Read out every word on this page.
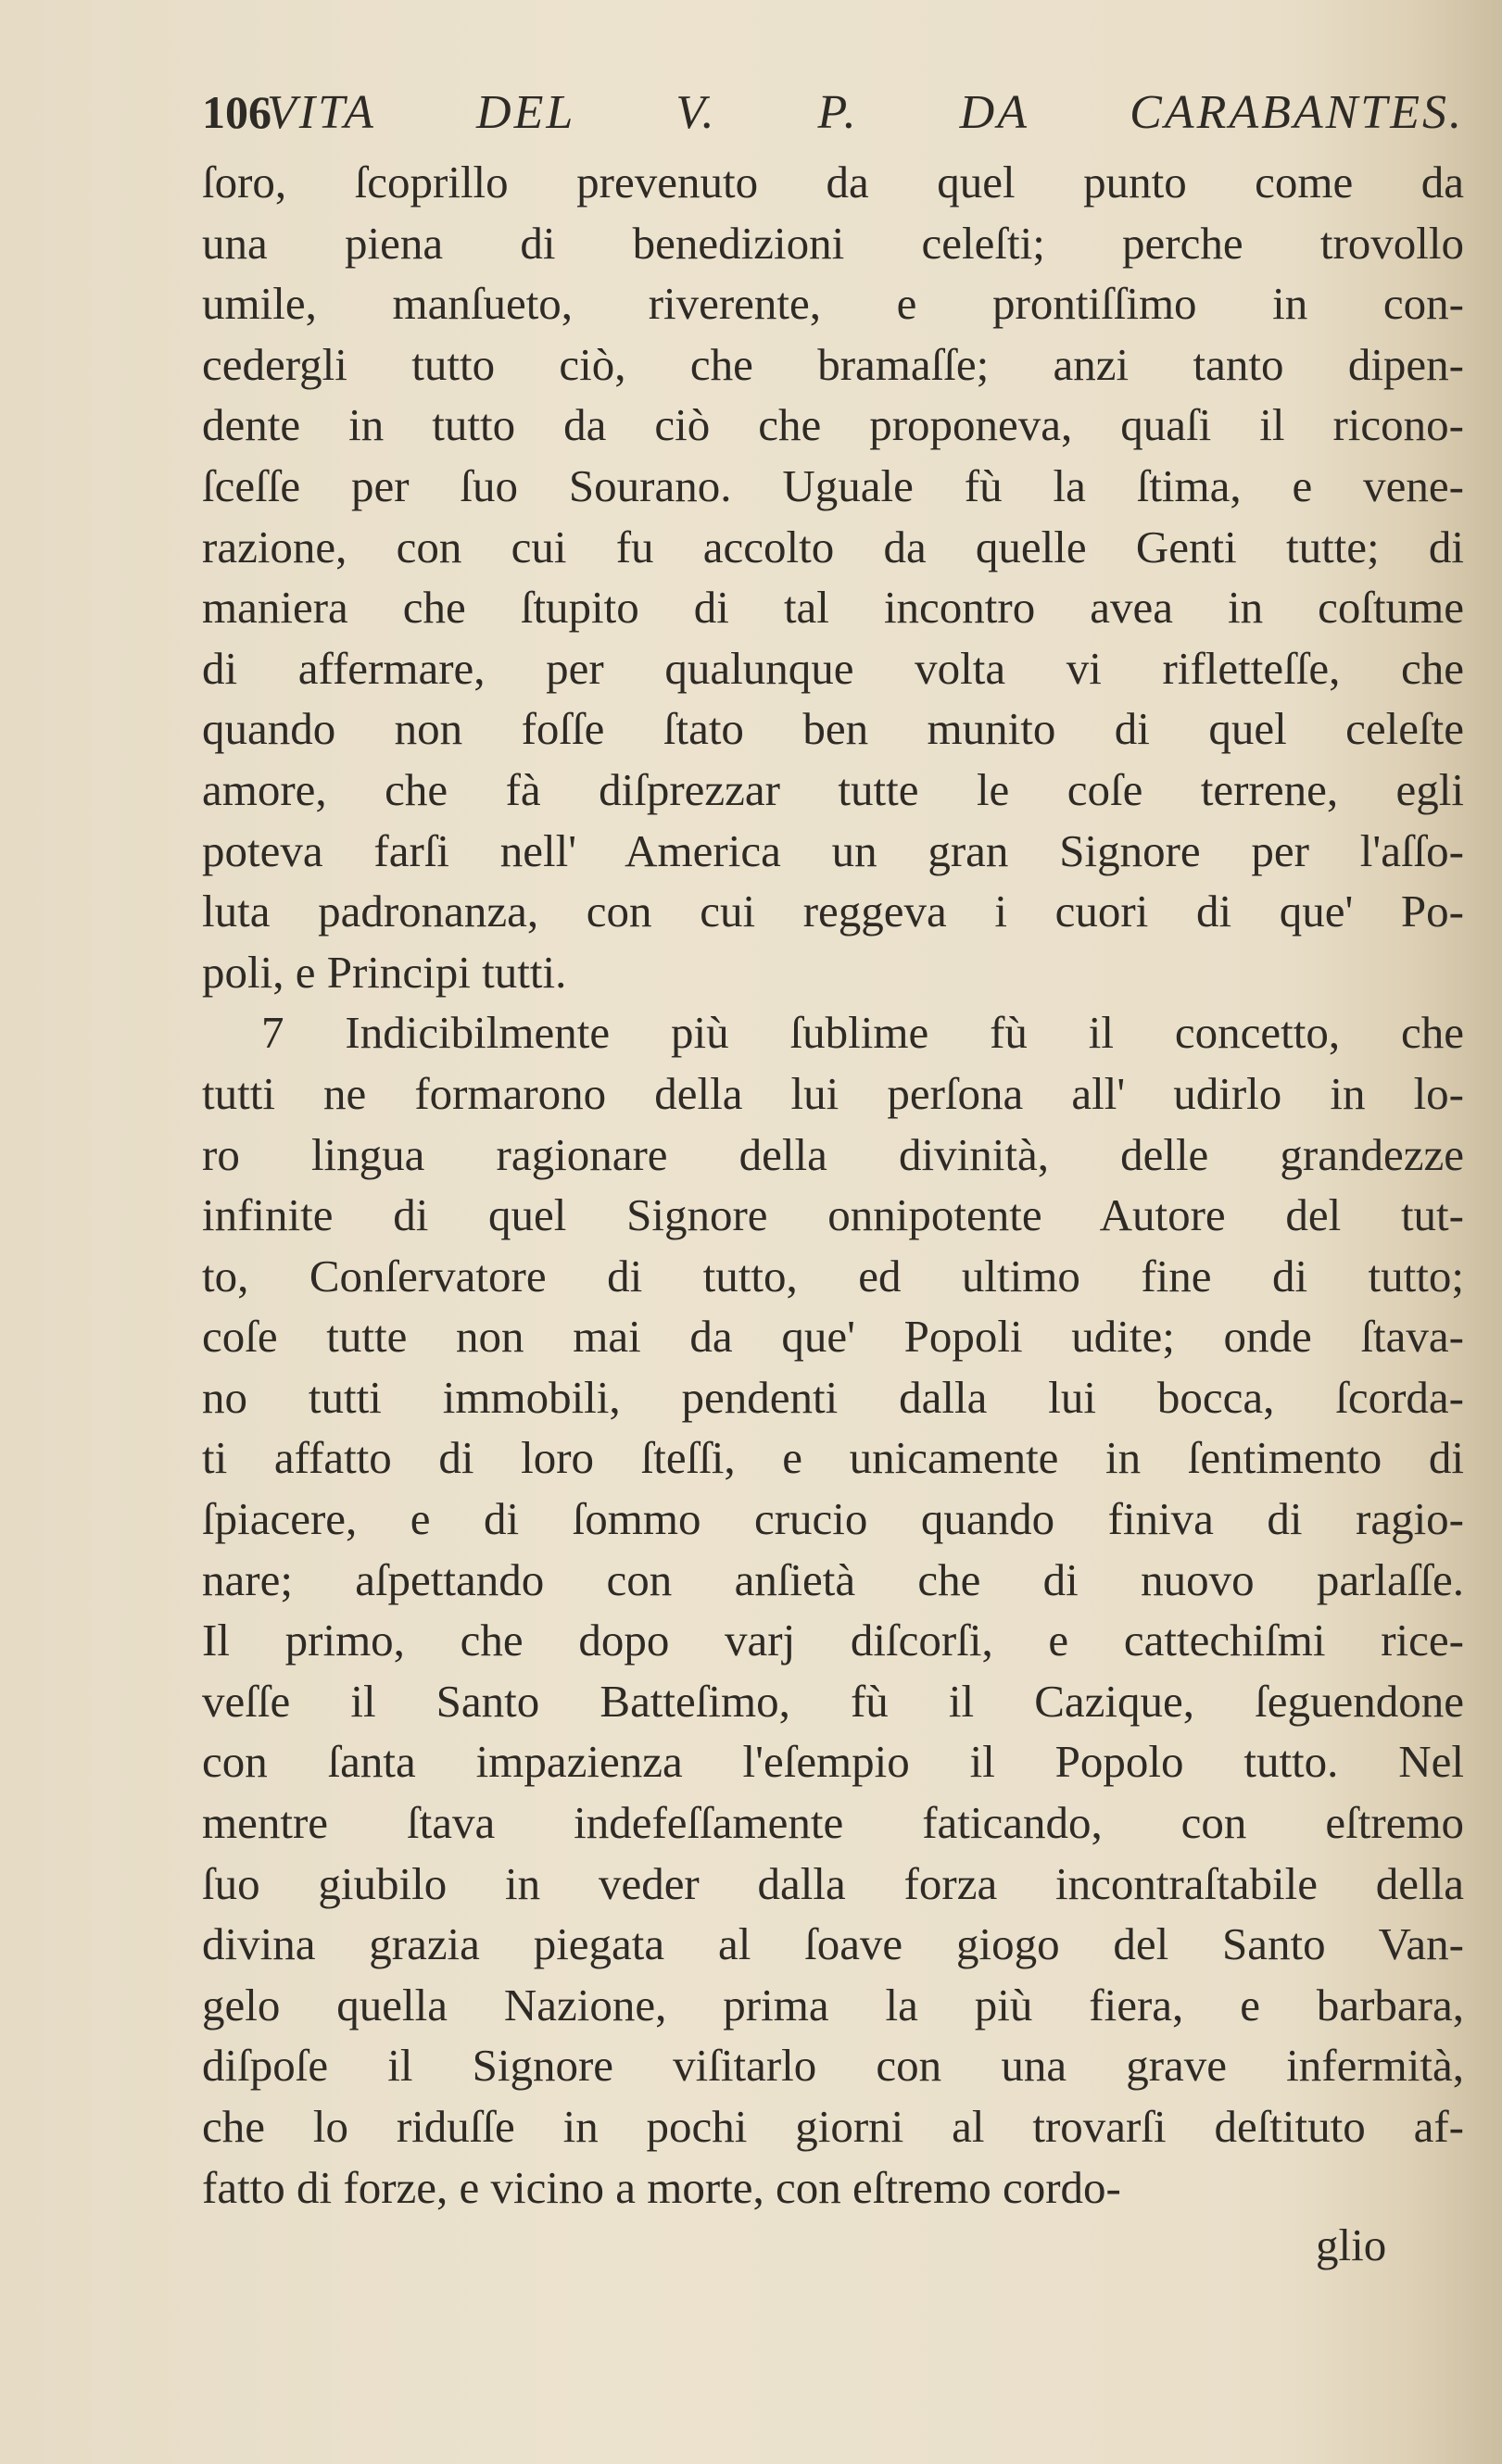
106
VITA DEL V. P. DA CARABANTES.
ſoro, ſcoprillo prevenuto da quel punto come da
una piena di benedizioni celeſti; perche trovollo
umile, manſueto, riverente, e prontiſſimo in con-
cedergli tutto ciò, che bramaſſe; anzi tanto dipen-
dente in tutto da ciò che proponeva, quaſi il ricono-
ſceſſe per ſuo Sourano. Uguale fù la ſtima, e vene-
razione, con cui fu accolto da quelle Genti tutte; di
maniera che ſtupito di tal incontro avea in coſtume
di affermare, per qualunque volta vi rifletteſſe, che
quando non foſſe ſtato ben munito di quel celeſte
amore, che fà diſprezzar tutte le coſe terrene, egli
poteva farſi nell' America un gran Signore per l'aſſo-
luta padronanza, con cui reggeva i cuori di que' Po-
poli, e Principi tutti.
7 Indicibilmente più ſublime fù il concetto, che
tutti ne formarono della lui perſona all' udirlo in lo-
ro lingua ragionare della divinità, delle grandezze
infinite di quel Signore onnipotente Autore del tut-
to, Conſervatore di tutto, ed ultimo fine di tutto;
coſe tutte non mai da que' Popoli udite; onde ſtava-
no tutti immobili, pendenti dalla lui bocca, ſcorda-
ti affatto di loro ſteſſi, e unicamente in ſentimento di
ſpiacere, e di ſommo crucio quando finiva di ragio-
nare; aſpettando con anſietà che di nuovo parlaſſe.
Il primo, che dopo varj diſcorſi, e cattechiſmi rice-
veſſe il Santo Batteſimo, fù il Cazique, ſeguendone
con ſanta impazienza l'eſempio il Popolo tutto. Nel
mentre ſtava indefeſſamente faticando, con eſtremo
ſuo giubilo in veder dalla forza incontraſtabile della
divina grazia piegata al ſoave giogo del Santo Van-
gelo quella Nazione, prima la più fiera, e barbara,
diſpoſe il Signore viſitarlo con una grave infermità,
che lo riduſſe in pochi giorni al trovarſi deſtituto af-
fatto di forze, e vicino a morte, con eſtremo cordo-
glio
